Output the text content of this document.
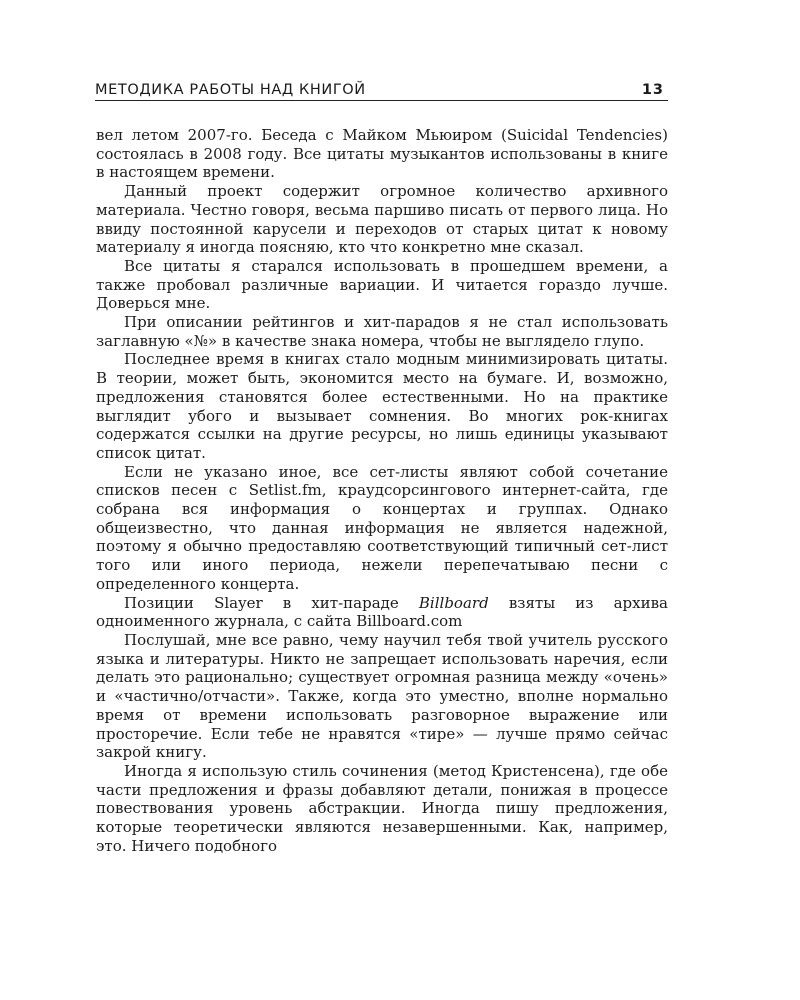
МЕТОДИКА РАБОТЫ НАД КНИГОЙ	13

вел летом 2007-го. Беседа с Майком Мьюиром (Suicidal Tendencies) состоялась в 2008 году. Все цитаты музыкантов использованы в книге в настоящем времени.

Данный проект содержит огромное количество архивного материала. Честно говоря, весьма паршиво писать от первого лица. Но ввиду постоянной карусели и переходов от старых цитат к новому материалу я иногда поясняю, кто что конкретно мне сказал.

Все цитаты я старался использовать в прошедшем времени, а также пробовал различные вариации. И читается гораздо лучше. Доверься мне.

При описании рейтингов и хит-парадов я не стал использовать заглавную «№» в качестве знака номера, чтобы не выглядело глупо.

Последнее время в книгах стало модным минимизировать цитаты. В теории, может быть, экономится место на бумаге. И, возможно, предложения становятся более естественными. Но на практике выглядит убого и вызывает сомнения. Во многих рок-книгах содержатся ссылки на другие ресурсы, но лишь единицы указывают список цитат.

Если не указано иное, все сет-листы являют собой сочетание списков песен с Setlist.fm, краудсорсингового интернет-сайта, где собрана вся информация о концертах и группах. Однако общеизвестно, что данная информация не является надежной, поэтому я обычно предоставляю соответствующий типичный сет-лист того или иного периода, нежели перепечатываю песни с определенного концерта.

Позиции Slayer в хит-параде Billboard взяты из архива одноименного журнала, с сайта Billboard.com

Послушай, мне все равно, чему научил тебя твой учитель русского языка и литературы. Никто не запрещает использовать наречия, если делать это рационально; существует огромная разница между «очень» и «частично/отчасти». Также, когда это уместно, вполне нормально время от времени использовать разговорное выражение или просторечие. Если тебе не нравятся «тире» — лучше прямо сейчас закрой книгу.

Иногда я использую стиль сочинения (метод Кристенсена), где обе части предложения и фразы добавляют детали, понижая в процессе повествования уровень абстракции. Иногда пишу предложения, которые теоретически являются незавершенными. Как, например, это. Ничего подобного
